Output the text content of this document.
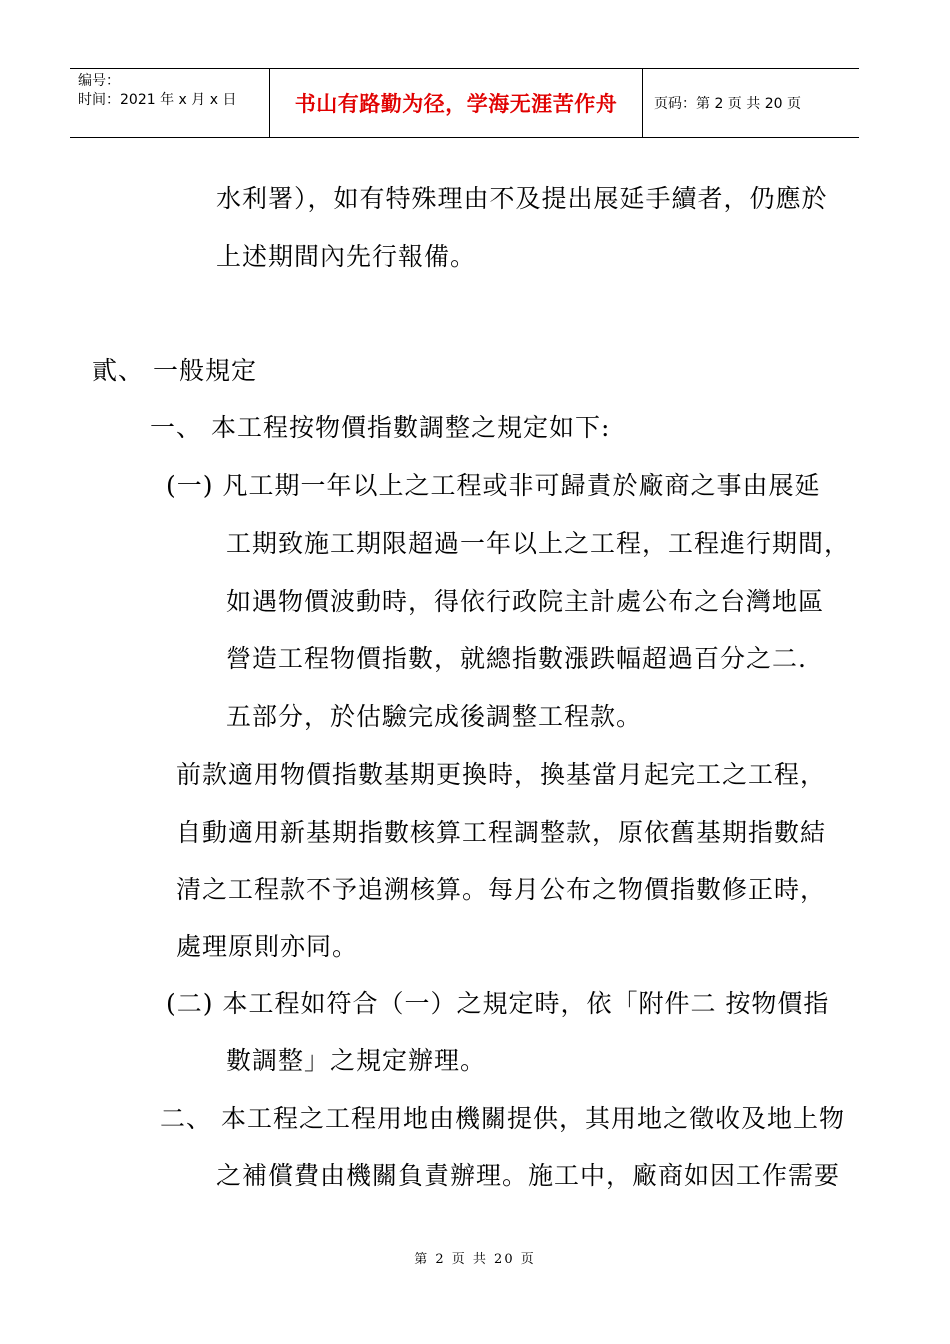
编号：
时间：2021 年 x 月 x 日	书山有路勤为径，学海无涯苦作舟	页码：第 2 页 共 20 页
水利署），如有特殊理由不及提出展延手續者，仍應於
上述期間內先行報備。
貳、 一般規定
一、 本工程按物價指數調整之規定如下:
(一) 凡工期一年以上之工程或非可歸責於廠商之事由展延
工期致施工期限超過一年以上之工程，工程進行期間，
如遇物價波動時，得依行政院主計處公布之台灣地區
營造工程物價指數，就總指數漲跌幅超過百分之二.
五部分，於估驗完成後調整工程款。
前款適用物價指數基期更換時，換基當月起完工之工程，
自動適用新基期指數核算工程調整款，原依舊基期指數結
清之工程款不予追溯核算。每月公布之物價指數修正時，
處理原則亦同。
(二) 本工程如符合（一）之規定時，依「附件二 按物價指
數調整」之規定辦理。
二、 本工程之工程用地由機關提供，其用地之徵收及地上物
之補償費由機關負責辦理。施工中，廠商如因工作需要
第 2 页 共 20 页
